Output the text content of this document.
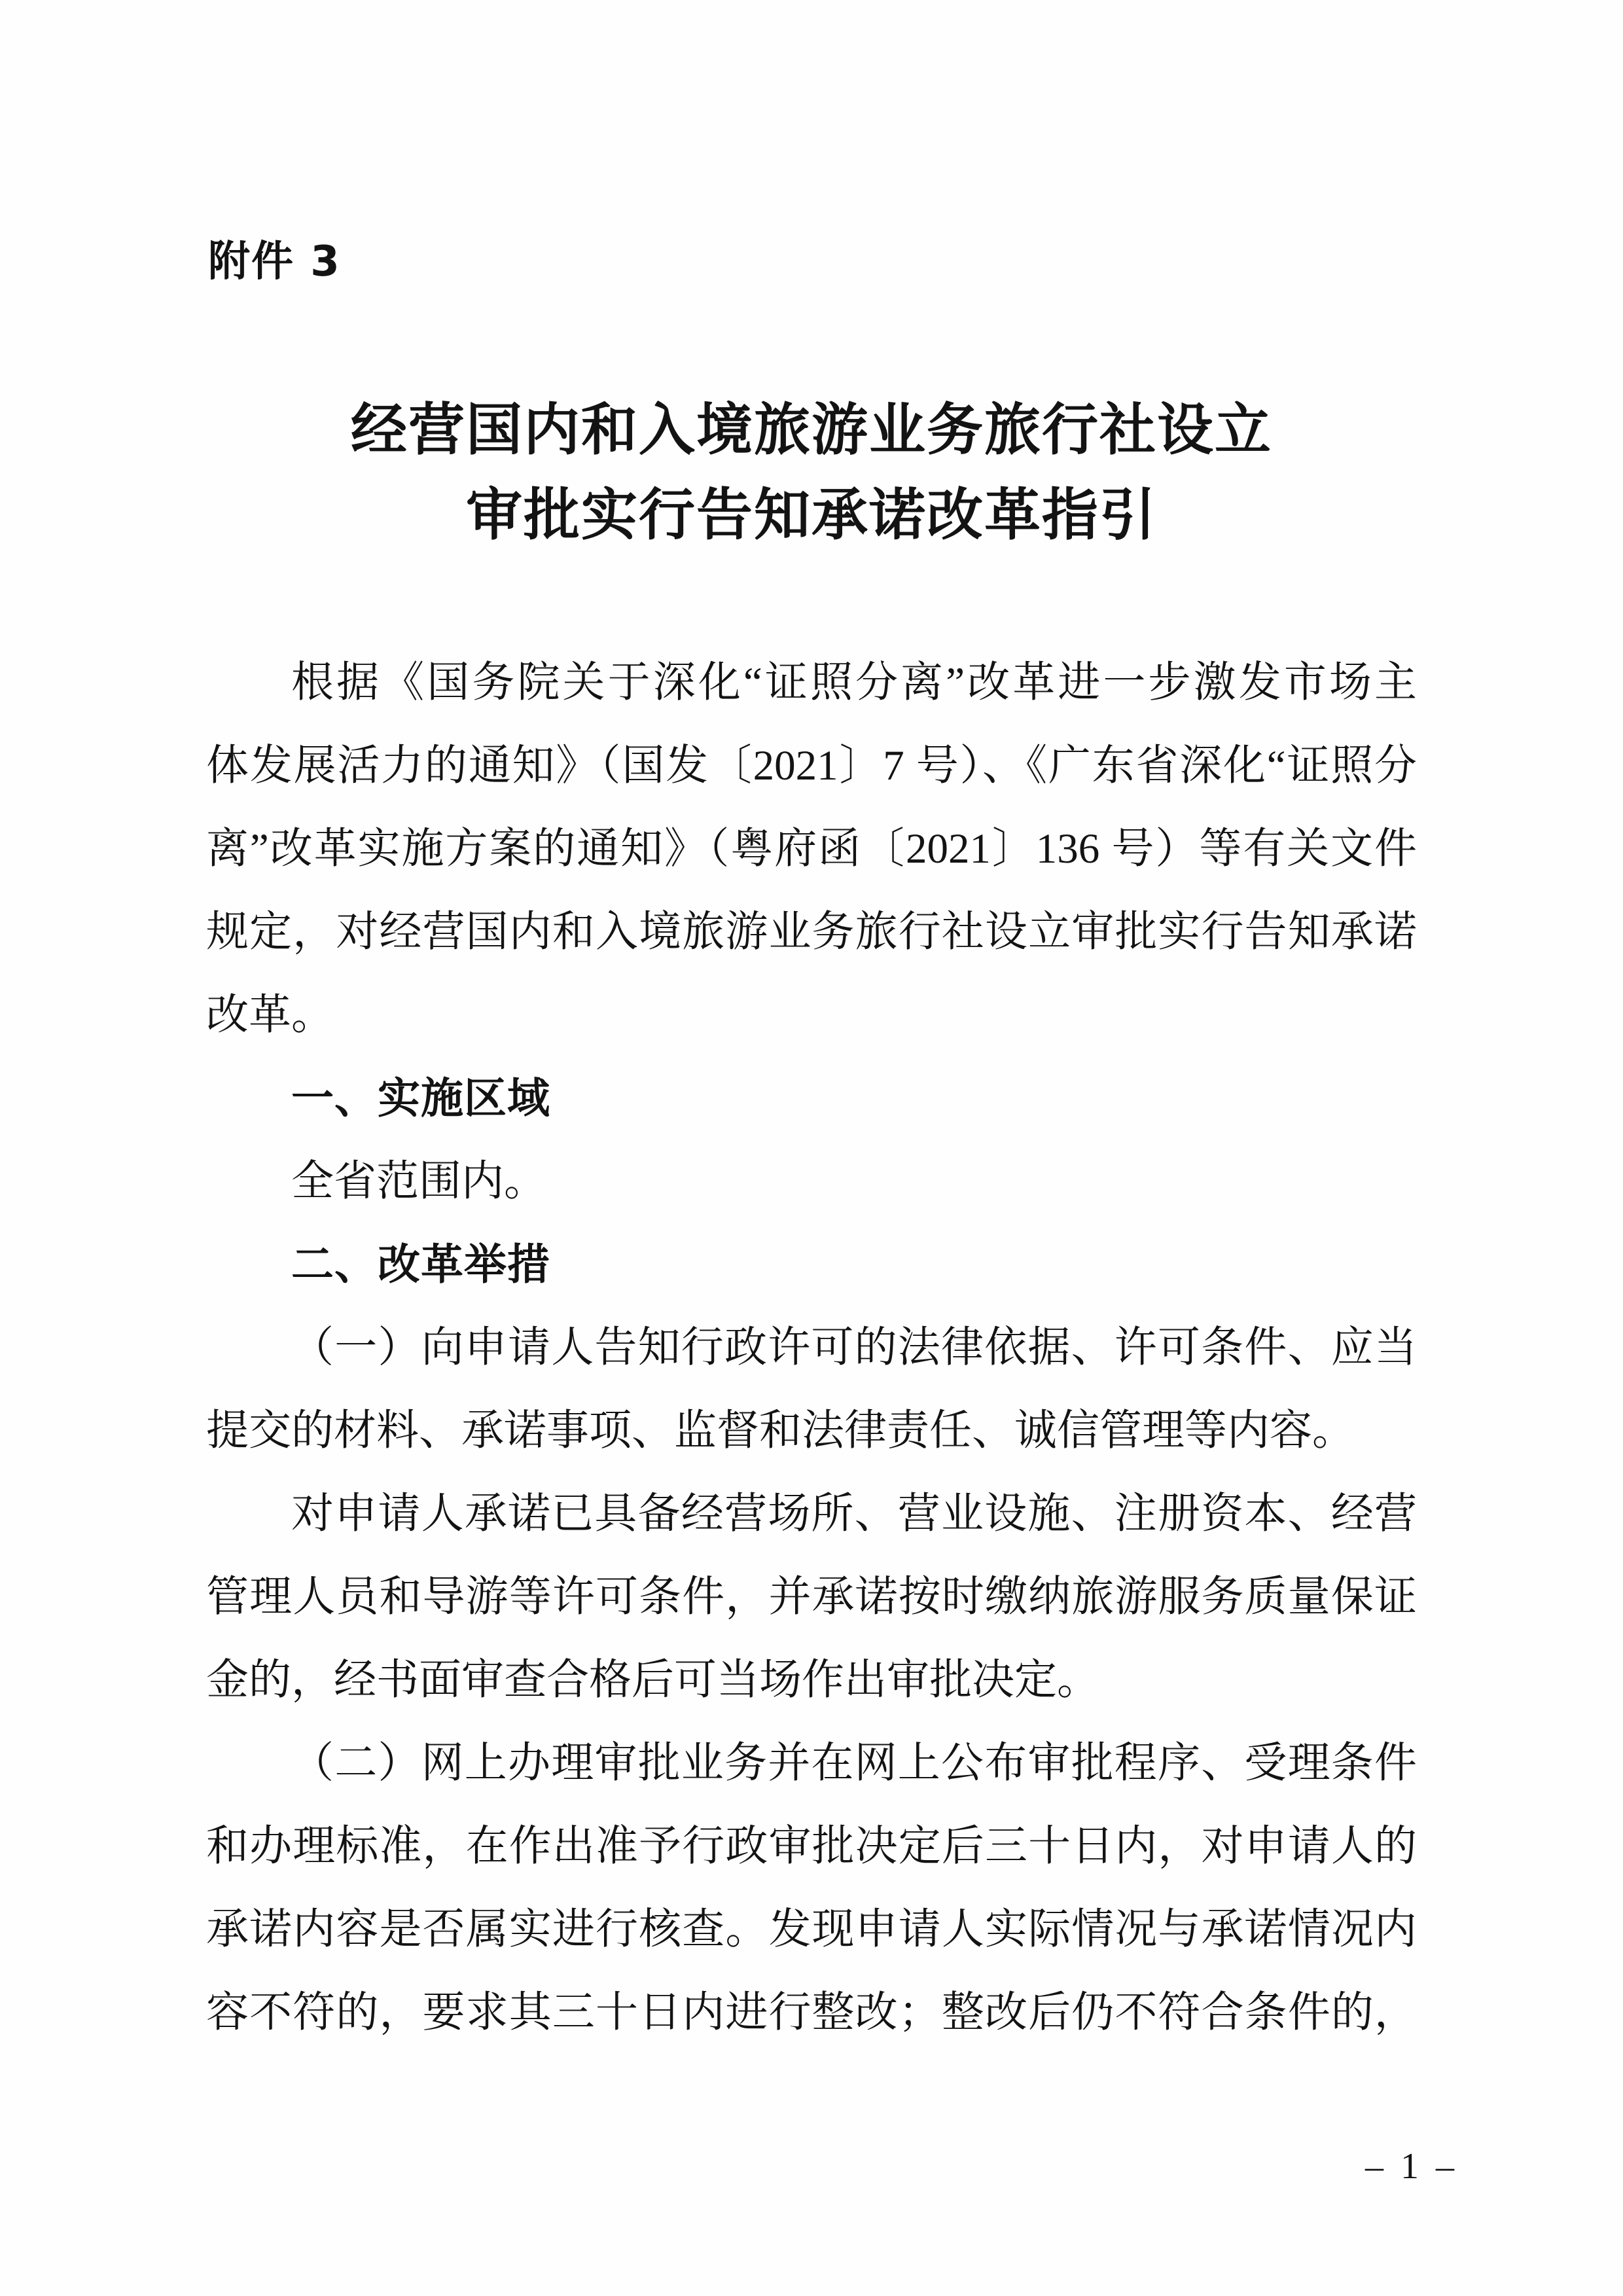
附件 3
经营国内和入境旅游业务旅行社设立
审批实行告知承诺改革指引
根据《国务院关于深化“证照分离”改革进一步激发市场主
体发展活力的通知》（国发〔2021〕7 号）、《广东省深化“证照分
离”改革实施方案的通知》（粤府函〔2021〕136 号）等有关文件
规定，对经营国内和入境旅游业务旅行社设立审批实行告知承诺
改革。
一、实施区域
全省范围内。
二、改革举措
（一）向申请人告知行政许可的法律依据、许可条件、应当
提交的材料、承诺事项、监督和法律责任、诚信管理等内容。
对申请人承诺已具备经营场所、营业设施、注册资本、经营
管理人员和导游等许可条件，并承诺按时缴纳旅游服务质量保证
金的，经书面审查合格后可当场作出审批决定。
（二）网上办理审批业务并在网上公布审批程序、受理条件
和办理标准，在作出准予行政审批决定后三十日内，对申请人的
承诺内容是否属实进行核查。发现申请人实际情况与承诺情况内
容不符的，要求其三十日内进行整改；整改后仍不符合条件的，
– 1 –
